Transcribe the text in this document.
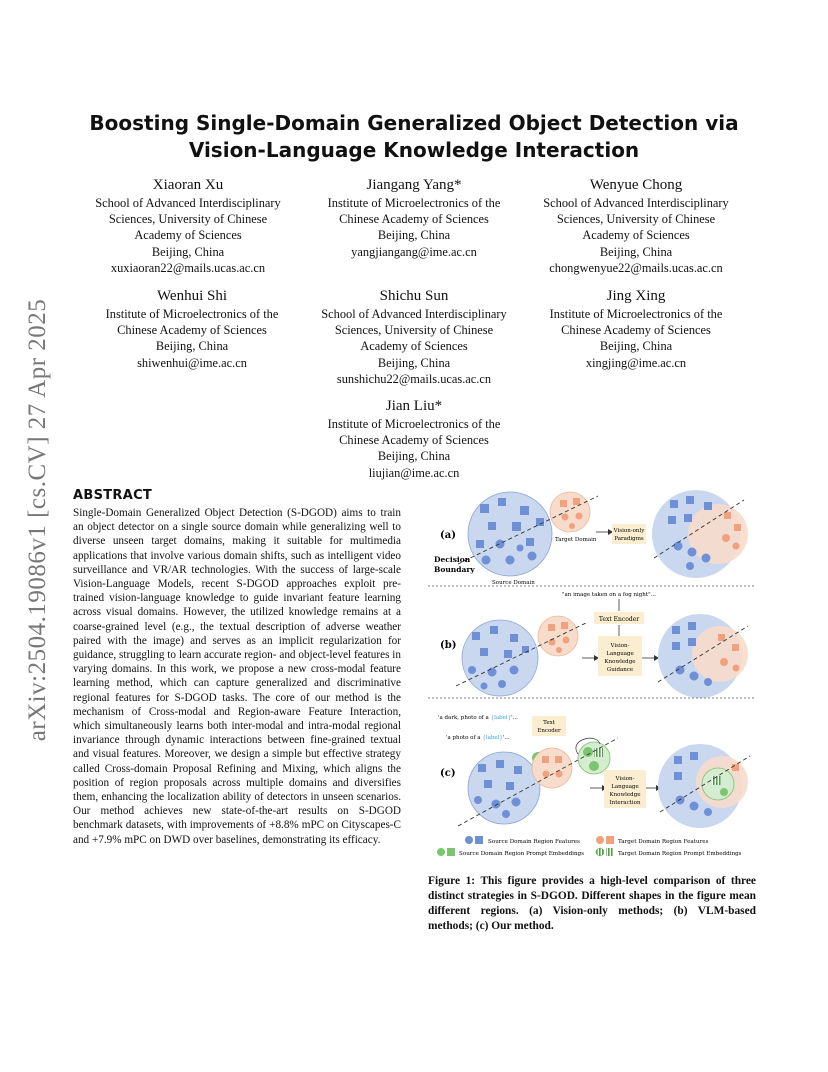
arXiv:2504.19086v1 [cs.CV] 27 Apr 2025
Boosting Single-Domain Generalized Object Detection via
Vision-Language Knowledge Interaction
Xiaoran Xu
School of Advanced Interdisciplinary
Sciences, University of Chinese
Academy of Sciences
Beijing, China
xuxiaoran22@mails.ucas.ac.cn
Jiangang Yang*
Institute of Microelectronics of the
Chinese Academy of Sciences
Beijing, China
yangjiangang@ime.ac.cn
Wenyue Chong
School of Advanced Interdisciplinary
Sciences, University of Chinese
Academy of Sciences
Beijing, China
chongwenyue22@mails.ucas.ac.cn
Wenhui Shi
Institute of Microelectronics of the
Chinese Academy of Sciences
Beijing, China
shiwenhui@ime.ac.cn
Shichu Sun
School of Advanced Interdisciplinary
Sciences, University of Chinese
Academy of Sciences
Beijing, China
sunshichu22@mails.ucas.ac.cn
Jing Xing
Institute of Microelectronics of the
Chinese Academy of Sciences
Beijing, China
xingjing@ime.ac.cn
Jian Liu*
Institute of Microelectronics of the
Chinese Academy of Sciences
Beijing, China
liujian@ime.ac.cn
ABSTRACT
Single-Domain Generalized Object Detection (S-DGOD) aims to train an object detector on a single source domain while generalizing well to diverse unseen target domains, making it suitable for multimedia applications that involve various domain shifts, such as intelligent video surveillance and VR/AR technologies. With the success of large-scale Vision-Language Models, recent S-DGOD approaches exploit pre-trained vision-language knowledge to guide invariant feature learning across visual domains. However, the utilized knowledge remains at a coarse-grained level (e.g., the textual description of adverse weather paired with the image) and serves as an implicit regularization for guidance, struggling to learn accurate region- and object-level features in varying domains. In this work, we propose a new cross-modal feature learning method, which can capture generalized and discriminative regional features for S-DGOD tasks. The core of our method is the mechanism of Cross-modal and Region-aware Feature Interaction, which simultaneously learns both inter-modal and intra-modal regional invariance through dynamic interactions between fine-grained textual and visual features. Moreover, we design a simple but effective strategy called Cross-domain Proposal Refining and Mixing, which aligns the position of region proposals across multiple domains and diversifies them, enhancing the localization ability of detectors in unseen scenarios. Our method achieves new state-of-the-art results on S-DGOD benchmark datasets, with improvements of +8.8% mPC on Cityscapes-C and +7.9% mPC on DWD over baselines, demonstrating its efficacy.
(a)
Decision
Boundary
Source Domain
Target Domain
Vision-only
Paradigms
(b)
"an image taken on a fog night"...
Text Encoder
Vision-
Language
Knowledge
Guidance
'a dark, photo of a {label}'...
'a photo of a {label}'...
Text
Encoder
(c)	Vision-
Language
Knowledge
Interaction
Source Domain Region Features	Target Domain Region Features
Source Domain Region Prompt Embeddings	Target Domain Region Prompt Embeddings
Figure 1: This figure provides a high-level comparison of three distinct strategies in S-DGOD. Different shapes in the figure mean different regions. (a) Vision-only methods; (b) VLM-based methods; (c) Our method.
